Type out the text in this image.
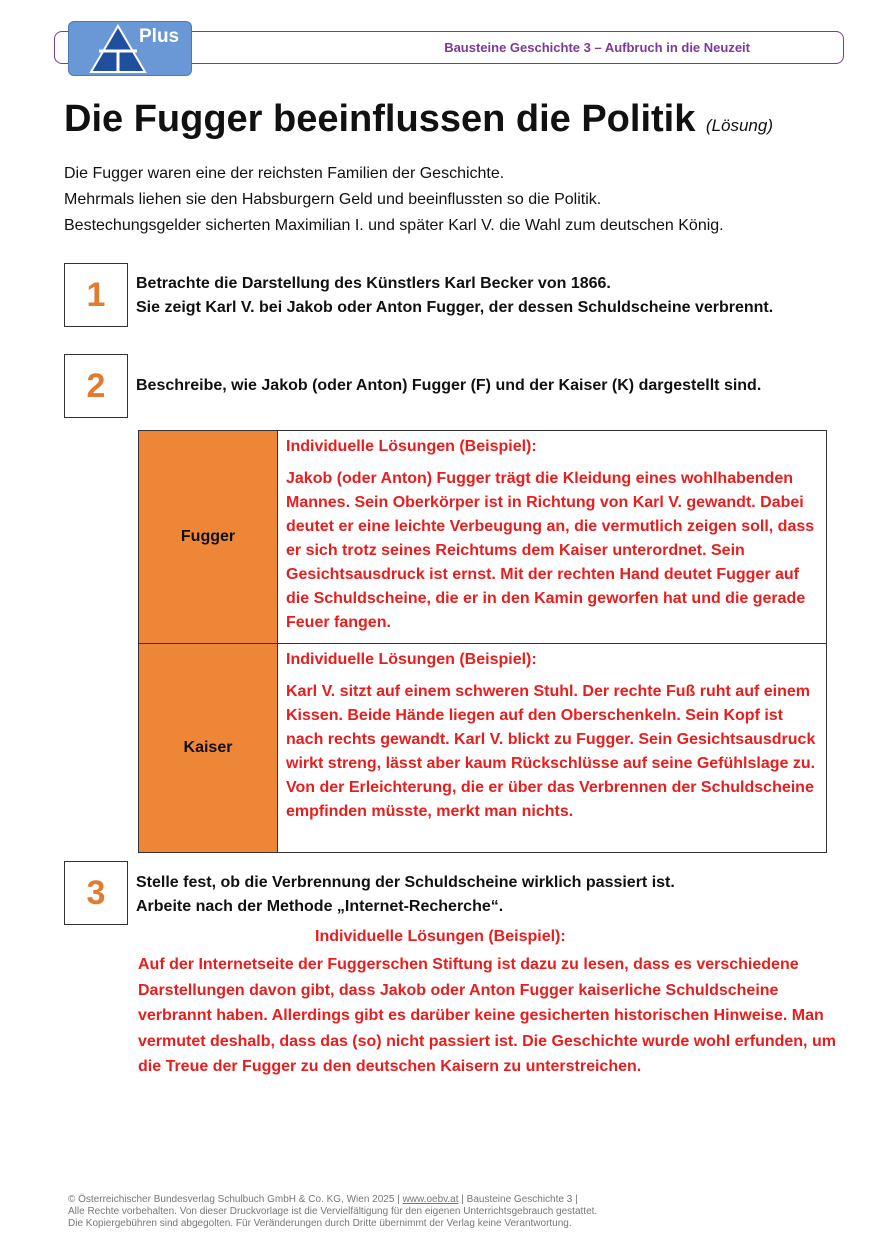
Plus
Bausteine Geschichte 3 – Aufbruch in die Neuzeit
Die Fugger beeinflussen die Politik (Lösung)

Die Fugger waren eine der reichsten Familien der Geschichte.

Mehrmals liehen sie den Habsburgern Geld und beeinflussten so die Politik.

Bestechungsgelder sicherten Maximilian I. und später Karl V. die Wahl zum deutschen König.

1	Betrachte die Darstellung des Künstlers Karl Becker von 1866.

Sie zeigt Karl V. bei Jakob oder Anton Fugger, der dessen Schuldscheine verbrennt.

2	Beschreibe, wie Jakob (oder Anton) Fugger (F) und der Kaiser (K) dargestellt sind.

Fugger	Individuelle Lösungen (Beispiel):

Jakob (oder Anton) Fugger trägt die Kleidung eines wohlhabenden Mannes. Sein Oberkörper ist in Richtung von Karl V. gewandt. Dabei deutet er eine leichte Verbeugung an, die vermutlich zeigen soll, dass er sich trotz seines Reichtums dem Kaiser unterordnet. Sein Gesichtsausdruck ist ernst. Mit der rechten Hand deutet Fugger auf die Schuldscheine, die er in den Kamin geworfen hat und die gerade Feuer fangen.

Kaiser	Individuelle Lösungen (Beispiel):

Karl V. sitzt auf einem schweren Stuhl. Der rechte Fuß ruht auf einem Kissen. Beide Hände liegen auf den Oberschenkeln. Sein Kopf ist nach rechts gewandt. Karl V. blickt zu Fugger. Sein Gesichtsausdruck wirkt streng, lässt aber kaum Rückschlüsse auf seine Gefühlslage zu. Von der Erleichterung, die er über das Verbrennen der Schuldscheine empfinden müsste, merkt man nichts.

3	Stelle fest, ob die Verbrennung der Schuldscheine wirklich passiert ist.

Arbeite nach der Methode „Internet-Recherche“.

Individuelle Lösungen (Beispiel):

Auf der Internetseite der Fuggerschen Stiftung ist dazu zu lesen, dass es verschiedene Darstellungen davon gibt, dass Jakob oder Anton Fugger kaiserliche Schuldscheine verbrannt haben. Allerdings gibt es darüber keine gesicherten historischen Hinweise. Man vermutet deshalb, dass das (so) nicht passiert ist. Die Geschichte wurde wohl erfunden, um die Treue der Fugger zu den deutschen Kaisern zu unterstreichen.

© Österreichischer Bundesverlag Schulbuch GmbH & Co. KG, Wien 2025 | www.oebv.at | Bausteine Geschichte 3 |

Alle Rechte vorbehalten. Von dieser Druckvorlage ist die Vervielfältigung für den eigenen Unterrichtsgebrauch gestattet.

Die Kopiergebühren sind abgegolten. Für Veränderungen durch Dritte übernimmt der Verlag keine Verantwortung.
